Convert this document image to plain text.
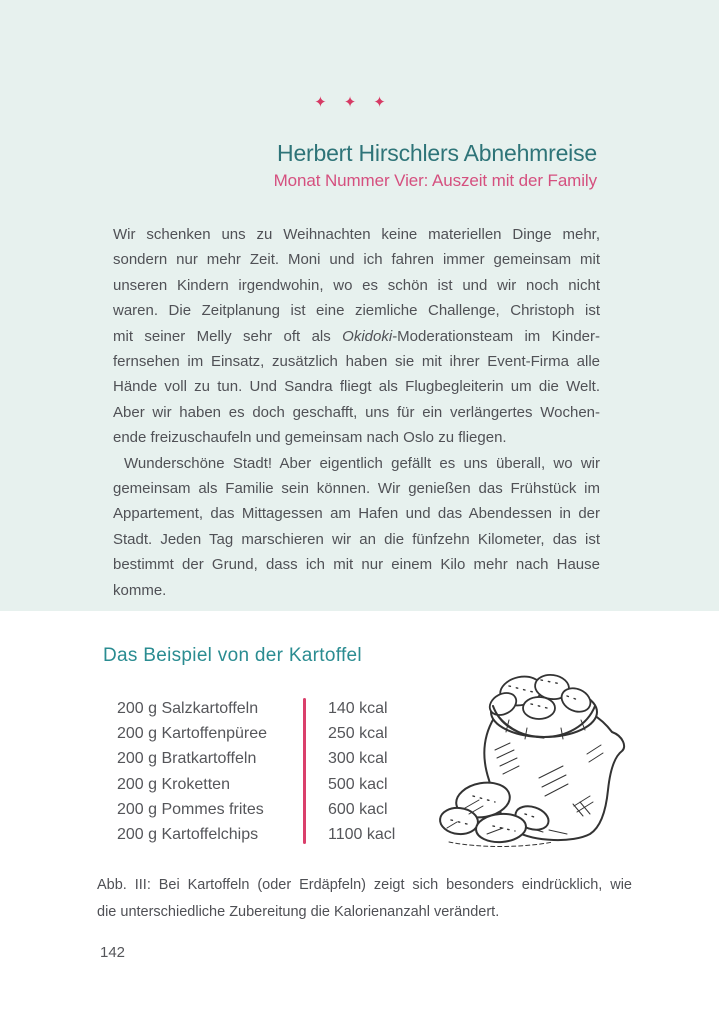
✦ ✦ ✦
Herbert Hirschlers Abnehmreise
Monat Nummer Vier: Auszeit mit der Family
Wir schenken uns zu Weihnachten keine materiellen Dinge mehr,
sondern nur mehr Zeit. Moni und ich fahren immer gemeinsam mit
unseren Kindern irgendwohin, wo es schön ist und wir noch nicht
waren. Die Zeitplanung ist eine ziemliche Challenge, Christoph ist
mit seiner Melly sehr oft als Okidoki-Moderationsteam im Kinder-
fernsehen im Einsatz, zusätzlich haben sie mit ihrer Event-Firma alle
Hände voll zu tun. Und Sandra fliegt als Flugbegleiterin um die Welt.
Aber wir haben es doch geschafft, uns für ein verlängertes Wochen-
ende freizuschaufeln und gemeinsam nach Oslo zu fliegen.
Wunderschöne Stadt! Aber eigentlich gefällt es uns überall, wo wir
gemeinsam als Familie sein können. Wir genießen das Frühstück im
Appartement, das Mittagessen am Hafen und das Abendessen in der
Stadt. Jeden Tag marschieren wir an die fünfzehn Kilometer, das ist
bestimmt der Grund, dass ich mit nur einem Kilo mehr nach Hause
komme.
Das Beispiel von der Kartoffel
200 g Salzkartoffeln
200 g Kartoffenpüree
200 g Bratkartoffeln
200 g Kroketten
200 g Pommes frites
200 g Kartoffelchips
140 kcal
250 kcal
300 kcal
500 kacl
600 kacl
1100 kacl
Abb. III: Bei Kartoffeln (oder Erdäpfeln) zeigt sich besonders eindrücklich, wie
die unterschiedliche Zubereitung die Kalorienanzahl verändert.
142
